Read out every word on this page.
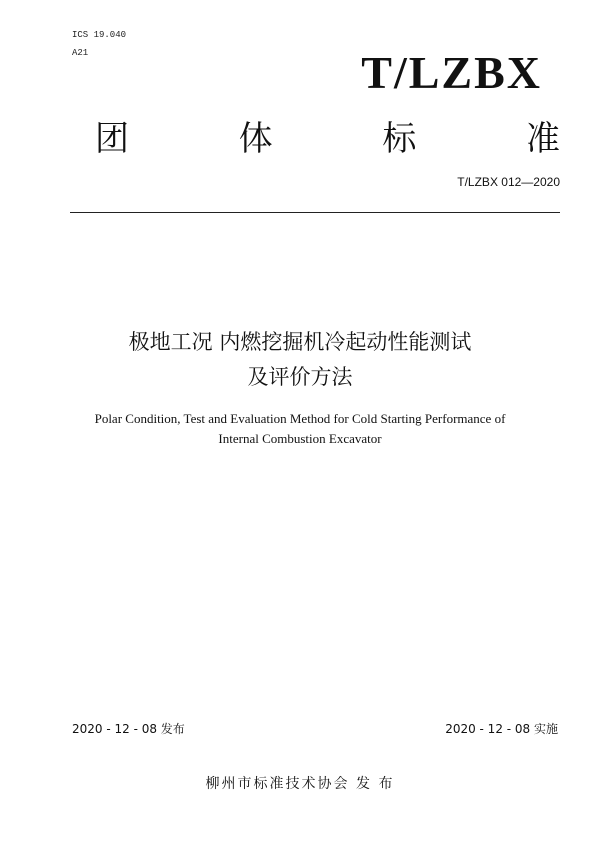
ICS 19.040
A21	T/LZBX
团	体	标	准
T/LZBX 012—2020
极地工况 内燃挖掘机冷起动性能测试
及评价方法
Polar Condition, Test and Evaluation Method for Cold Starting Performance of
Internal Combustion Excavator
2020 - 12 - 08 发布	2020 - 12 - 08 实施
柳州市标准技术协会 发 布
